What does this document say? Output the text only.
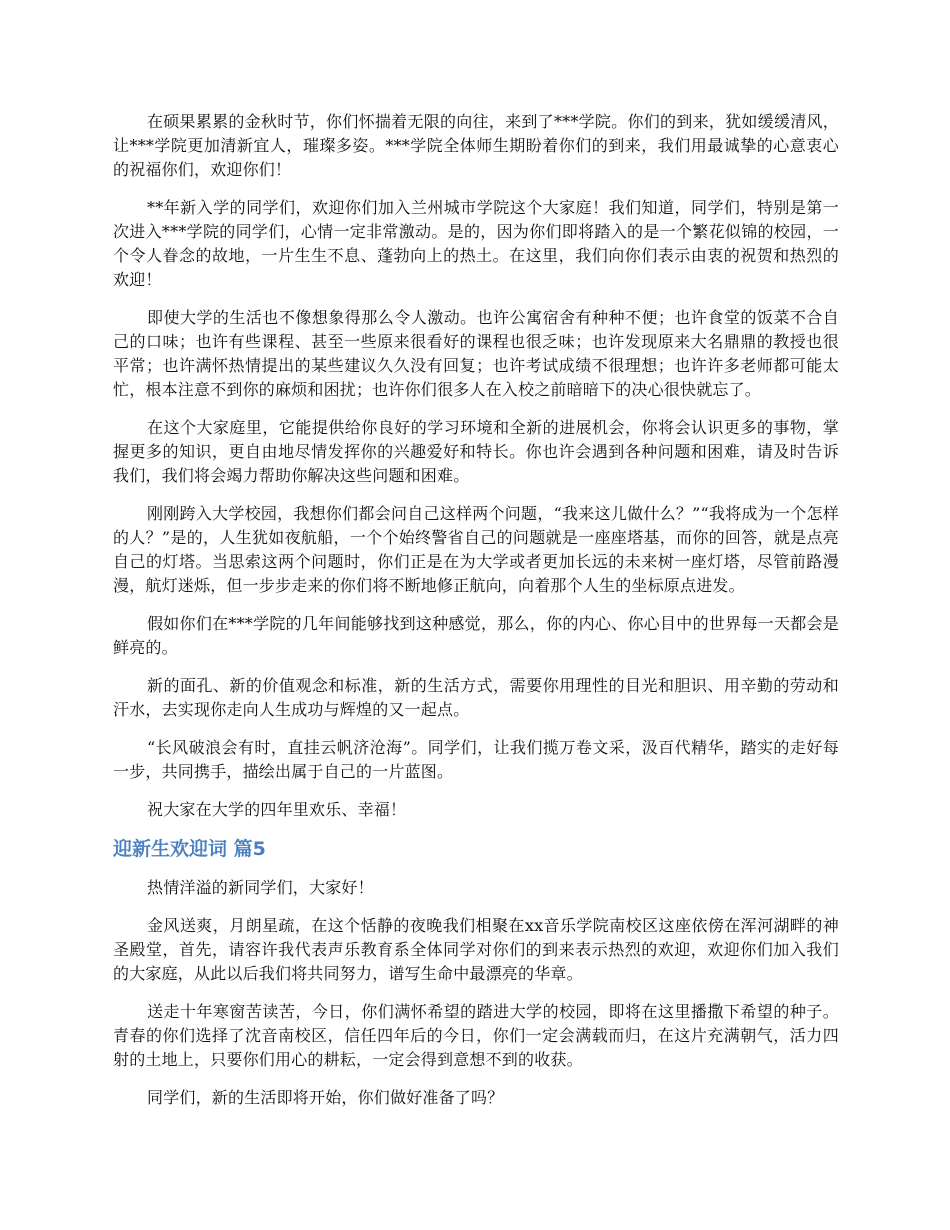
在硕果累累的金秋时节，你们怀揣着无限的向往，来到了***学院。你们的到来，犹如缓缓清风，让***学院更加清新宜人，璀璨多姿。***学院全体师生期盼着你们的到来，我们用最诚挚的心意衷心的祝福你们，欢迎你们！

**年新入学的同学们，欢迎你们加入兰州城市学院这个大家庭！我们知道，同学们，特别是第一次进入***学院的同学们，心情一定非常激动。是的，因为你们即将踏入的是一个繁花似锦的校园，一个令人眷念的故地，一片生生不息、蓬勃向上的热土。在这里，我们向你们表示由衷的祝贺和热烈的欢迎！

即使大学的生活也不像想象得那么令人激动。也许公寓宿舍有种种不便；也许食堂的饭菜不合自己的口味；也许有些课程、甚至一些原来很看好的课程也很乏味；也许发现原来大名鼎鼎的教授也很平常；也许满怀热情提出的某些建议久久没有回复；也许考试成绩不很理想；也许许多老师都可能太忙，根本注意不到你的麻烦和困扰；也许你们很多人在入校之前暗暗下的决心很快就忘了。

在这个大家庭里，它能提供给你良好的学习环境和全新的进展机会，你将会认识更多的事物，掌握更多的知识，更自由地尽情发挥你的兴趣爱好和特长。你也许会遇到各种问题和困难，请及时告诉我们，我们将会竭力帮助你解决这些问题和困难。

刚刚跨入大学校园，我想你们都会问自己这样两个问题，“我来这儿做什么？”“我将成为一个怎样的人？”是的，人生犹如夜航船，一个个始终警省自己的问题就是一座座塔基，而你的回答，就是点亮自己的灯塔。当思索这两个问题时，你们正是在为大学或者更加长远的未来树一座灯塔，尽管前路漫漫，航灯迷烁，但一步步走来的你们将不断地修正航向，向着那个人生的坐标原点进发。

假如你们在***学院的几年间能够找到这种感觉，那么，你的内心、你心目中的世界每一天都会是鲜亮的。

新的面孔、新的价值观念和标准，新的生活方式，需要你用理性的目光和胆识、用辛勤的劳动和汗水，去实现你走向人生成功与辉煌的又一起点。

“长风破浪会有时，直挂云帆济沧海”。同学们，让我们揽万卷文采，汲百代精华，踏实的走好每一步，共同携手，描绘出属于自己的一片蓝图。

祝大家在大学的四年里欢乐、幸福！

迎新生欢迎词 篇5

热情洋溢的新同学们，大家好！

金风送爽，月朗星疏，在这个恬静的夜晚我们相聚在xx音乐学院南校区这座依傍在浑河湖畔的神圣殿堂，首先，请容许我代表声乐教育系全体同学对你们的到来表示热烈的欢迎，欢迎你们加入我们的大家庭，从此以后我们将共同努力，谱写生命中最漂亮的华章。

送走十年寒窗苦读苦，今日，你们满怀希望的踏进大学的校园，即将在这里播撒下希望的种子。青春的你们选择了沈音南校区，信任四年后的今日，你们一定会满载而归，在这片充满朝气，活力四射的土地上，只要你们用心的耕耘，一定会得到意想不到的收获。

同学们，新的生活即将开始，你们做好准备了吗？
